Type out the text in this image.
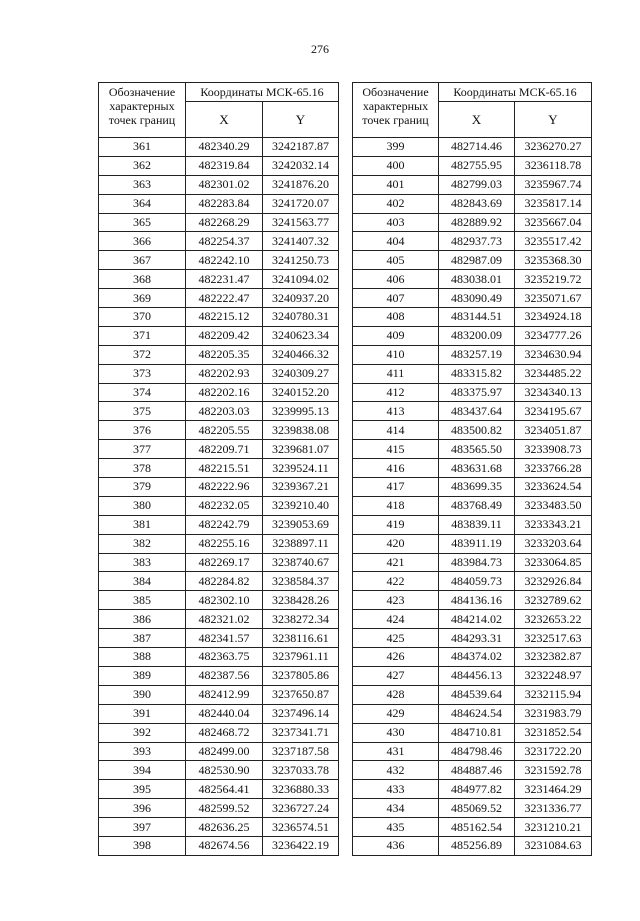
276
Обозначение характерных точек границ	Координаты МСК-65.16	
	X	Y
361	482340.29	3242187.87
362	482319.84	3242032.14
363	482301.02	3241876.20
364	482283.84	3241720.07
365	482268.29	3241563.77
366	482254.37	3241407.32
367	482242.10	3241250.73
368	482231.47	3241094.02
369	482222.47	3240937.20
370	482215.12	3240780.31
371	482209.42	3240623.34
372	482205.35	3240466.32
373	482202.93	3240309.27
374	482202.16	3240152.20
375	482203.03	3239995.13
376	482205.55	3239838.08
377	482209.71	3239681.07
378	482215.51	3239524.11
379	482222.96	3239367.21
380	482232.05	3239210.40
381	482242.79	3239053.69
382	482255.16	3238897.11
383	482269.17	3238740.67
384	482284.82	3238584.37
385	482302.10	3238428.26
386	482321.02	3238272.34
387	482341.57	3238116.61
388	482363.75	3237961.11
389	482387.56	3237805.86
390	482412.99	3237650.87
391	482440.04	3237496.14
392	482468.72	3237341.71
393	482499.00	3237187.58
394	482530.90	3237033.78
395	482564.41	3236880.33
396	482599.52	3236727.24
397	482636.25	3236574.51
398	482674.56	3236422.19
Обозначение характерных точек границ	Координаты МСК-65.16	
	X	Y
399	482714.46	3236270.27
400	482755.95	3236118.78
401	482799.03	3235967.74
402	482843.69	3235817.14
403	482889.92	3235667.04
404	482937.73	3235517.42
405	482987.09	3235368.30
406	483038.01	3235219.72
407	483090.49	3235071.67
408	483144.51	3234924.18
409	483200.09	3234777.26
410	483257.19	3234630.94
411	483315.82	3234485.22
412	483375.97	3234340.13
413	483437.64	3234195.67
414	483500.82	3234051.87
415	483565.50	3233908.73
416	483631.68	3233766.28
417	483699.35	3233624.54
418	483768.49	3233483.50
419	483839.11	3233343.21
420	483911.19	3233203.64
421	483984.73	3233064.85
422	484059.73	3232926.84
423	484136.16	3232789.62
424	484214.02	3232653.22
425	484293.31	3232517.63
426	484374.02	3232382.87
427	484456.13	3232248.97
428	484539.64	3232115.94
429	484624.54	3231983.79
430	484710.81	3231852.54
431	484798.46	3231722.20
432	484887.46	3231592.78
433	484977.82	3231464.29
434	485069.52	3231336.77
435	485162.54	3231210.21
436	485256.89	3231084.63
